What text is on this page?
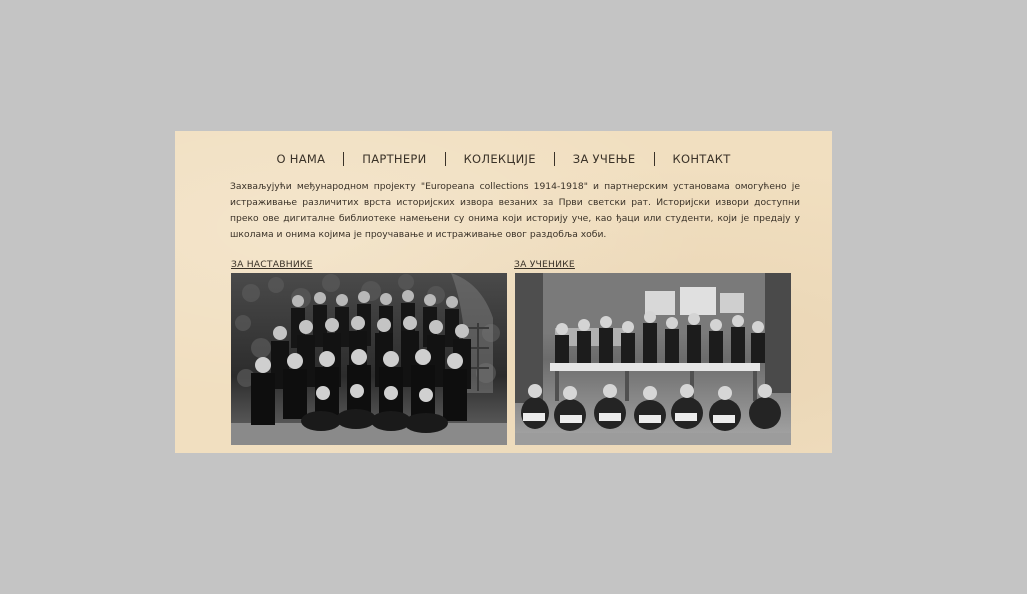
О НАМА	ПАРТНЕРИ	КОЛЕКЦИЈЕ	ЗА УЧЕЊЕ	КОНТАКТ

Захваљујући међународном пројекту "Europeana collections 1914-1918" и партнерским установама омогућено је истраживање различитих врста историјских извора везаних за Први светски рат. Историјски извори доступни преко ове дигиталне библиотеке намењени су онима који историју уче, као ђаци или студенти, који је предају у школама и онима којима је проучавање и истраживање овог раздобља хоби.

ЗА НАСТАВНИКЕ	ЗА УЧЕНИКЕ
